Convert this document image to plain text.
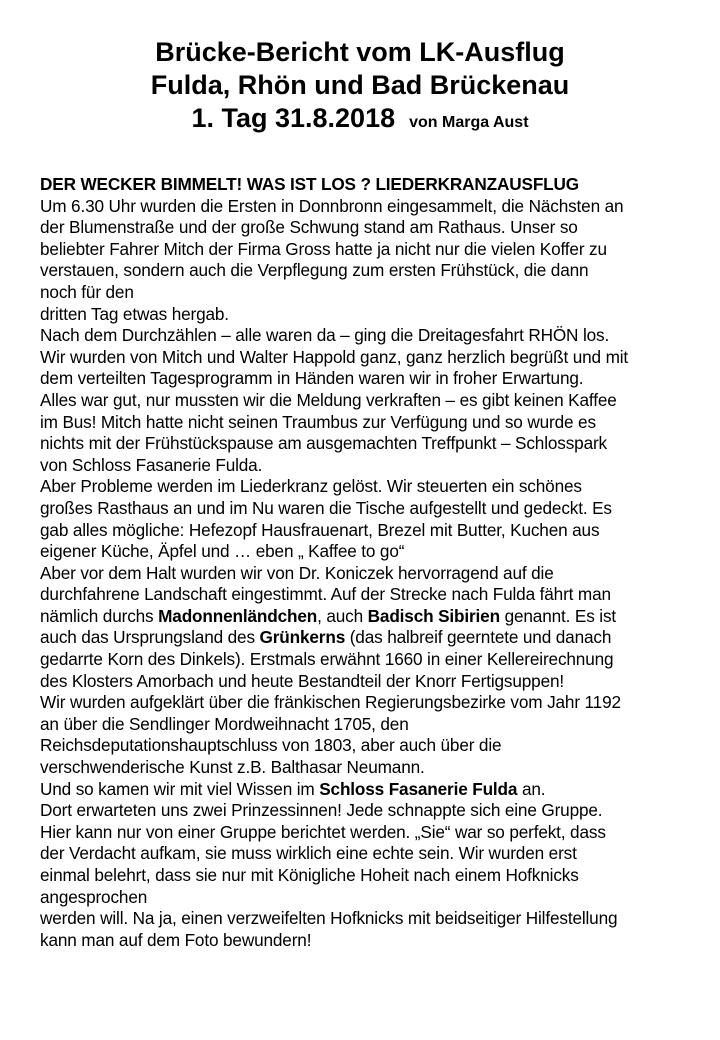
Brücke-Bericht vom LK-Ausflug
Fulda, Rhön und Bad Brückenau
1. Tag 31.8.2018 von Marga Aust
DER WECKER BIMMELT! WAS IST LOS ? LIEDERKRANZAUSFLUG
Um 6.30 Uhr wurden die Ersten in Donnbronn eingesammelt, die Nächsten an
der Blumenstraße und der große Schwung stand am Rathaus. Unser so
beliebter Fahrer Mitch der Firma Gross hatte ja nicht nur die vielen Koffer zu
verstauen, sondern auch die Verpflegung zum ersten Frühstück, die dann
noch für den
dritten Tag etwas hergab.
Nach dem Durchzählen – alle waren da – ging die Dreitagesfahrt RHÖN los.
Wir wurden von Mitch und Walter Happold ganz, ganz herzlich begrüßt und mit
dem verteilten Tagesprogramm in Händen waren wir in froher Erwartung.
Alles war gut, nur mussten wir die Meldung verkraften – es gibt keinen Kaffee
im Bus! Mitch hatte nicht seinen Traumbus zur Verfügung und so wurde es
nichts mit der Frühstückspause am ausgemachten Treffpunkt – Schlosspark
von Schloss Fasanerie Fulda.
Aber Probleme werden im Liederkranz gelöst. Wir steuerten ein schönes
großes Rasthaus an und im Nu waren die Tische aufgestellt und gedeckt. Es
gab alles mögliche: Hefezopf Hausfrauenart, Brezel mit Butter, Kuchen aus
eigener Küche, Äpfel und … eben „ Kaffee to go“
Aber vor dem Halt wurden wir von Dr. Koniczek hervorragend auf die
durchfahrene Landschaft eingestimmt. Auf der Strecke nach Fulda fährt man
nämlich durchs Madonnenländchen, auch Badisch Sibirien genannt. Es ist
auch das Ursprungsland des Grünkerns (das halbreif geerntete und danach
gedarrte Korn des Dinkels). Erstmals erwähnt 1660 in einer Kellereirechnung
des Klosters Amorbach und heute Bestandteil der Knorr Fertigsuppen!
Wir wurden aufgeklärt über die fränkischen Regierungsbezirke vom Jahr 1192
an über die Sendlinger Mordweihnacht 1705, den
Reichsdeputationshauptschluss von 1803, aber auch über die
verschwenderische Kunst z.B. Balthasar Neumann.
Und so kamen wir mit viel Wissen im Schloss Fasanerie Fulda an.
Dort erwarteten uns zwei Prinzessinnen! Jede schnappte sich eine Gruppe.
Hier kann nur von einer Gruppe berichtet werden. „Sie“ war so perfekt, dass
der Verdacht aufkam, sie muss wirklich eine echte sein. Wir wurden erst
einmal belehrt, dass sie nur mit Königliche Hoheit nach einem Hofknicks
angesprochen
werden will. Na ja, einen verzweifelten Hofknicks mit beidseitiger Hilfestellung
kann man auf dem Foto bewundern!
